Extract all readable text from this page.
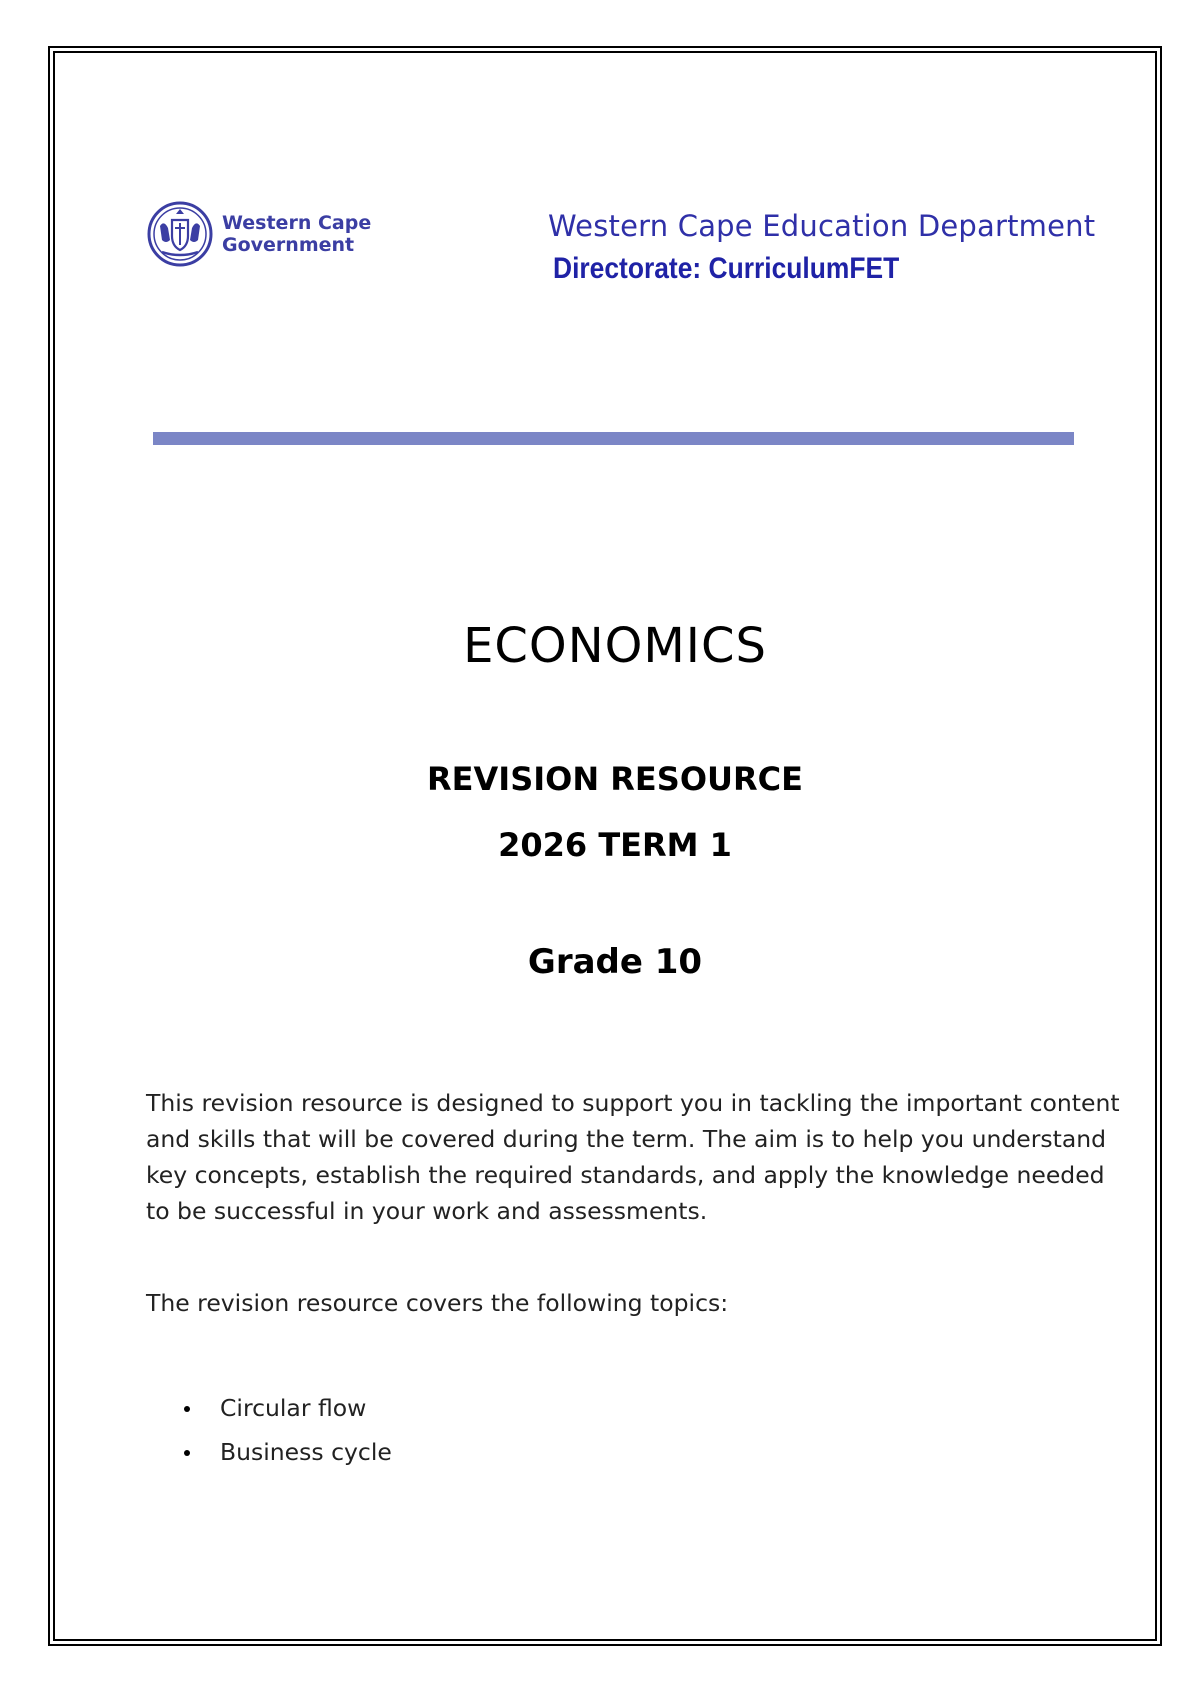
Western Cape
Government
Western Cape Education Department
Directorate: CurriculumFET
ECONOMICS
REVISION RESOURCE
2026 TERM 1
Grade 10

This revision resource is designed to support you in tackling the important content and skills that will be covered during the term. The aim is to help you understand key concepts, establish the required standards, and apply the knowledge needed to be successful in your work and assessments.

The revision resource covers the following topics:

Circular flow
Business cycle
